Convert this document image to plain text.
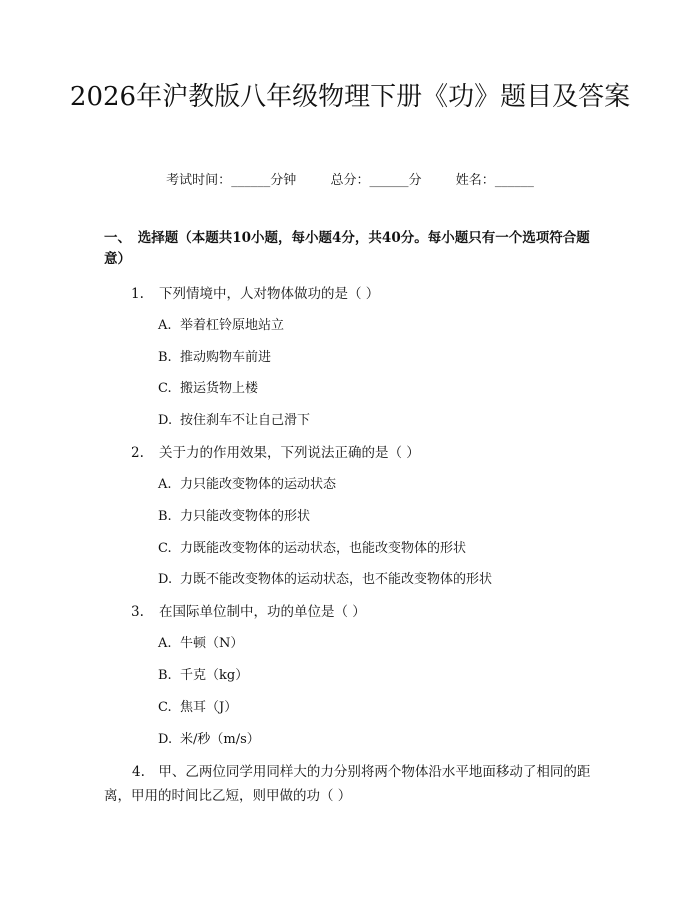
2026年沪教版八年级物理下册《功》题目及答案
考试时间：______分钟	总分：______分	姓名：______
一、　选择题（本题共10小题，每小题4分，共40分。每小题只有一个选项符合题意）
1. 下列情境中，人对物体做功的是（ ）
A. 举着杠铃原地站立
B. 推动购物车前进
C. 搬运货物上楼
D. 按住刹车不让自己滑下
2. 关于力的作用效果，下列说法正确的是（ ）
A. 力只能改变物体的运动状态
B. 力只能改变物体的形状
C. 力既能改变物体的运动状态，也能改变物体的形状
D. 力既不能改变物体的运动状态，也不能改变物体的形状
3. 在国际单位制中，功的单位是（ ）
A. 牛顿（N）
B. 千克（kg）
C. 焦耳（J）
D. 米/秒（m/s）
4.　 甲、乙两位同学用同样大的力分别将两个物体沿水平地面移动了相同的距离，甲用的时间比乙短，则甲做的功（ ）
